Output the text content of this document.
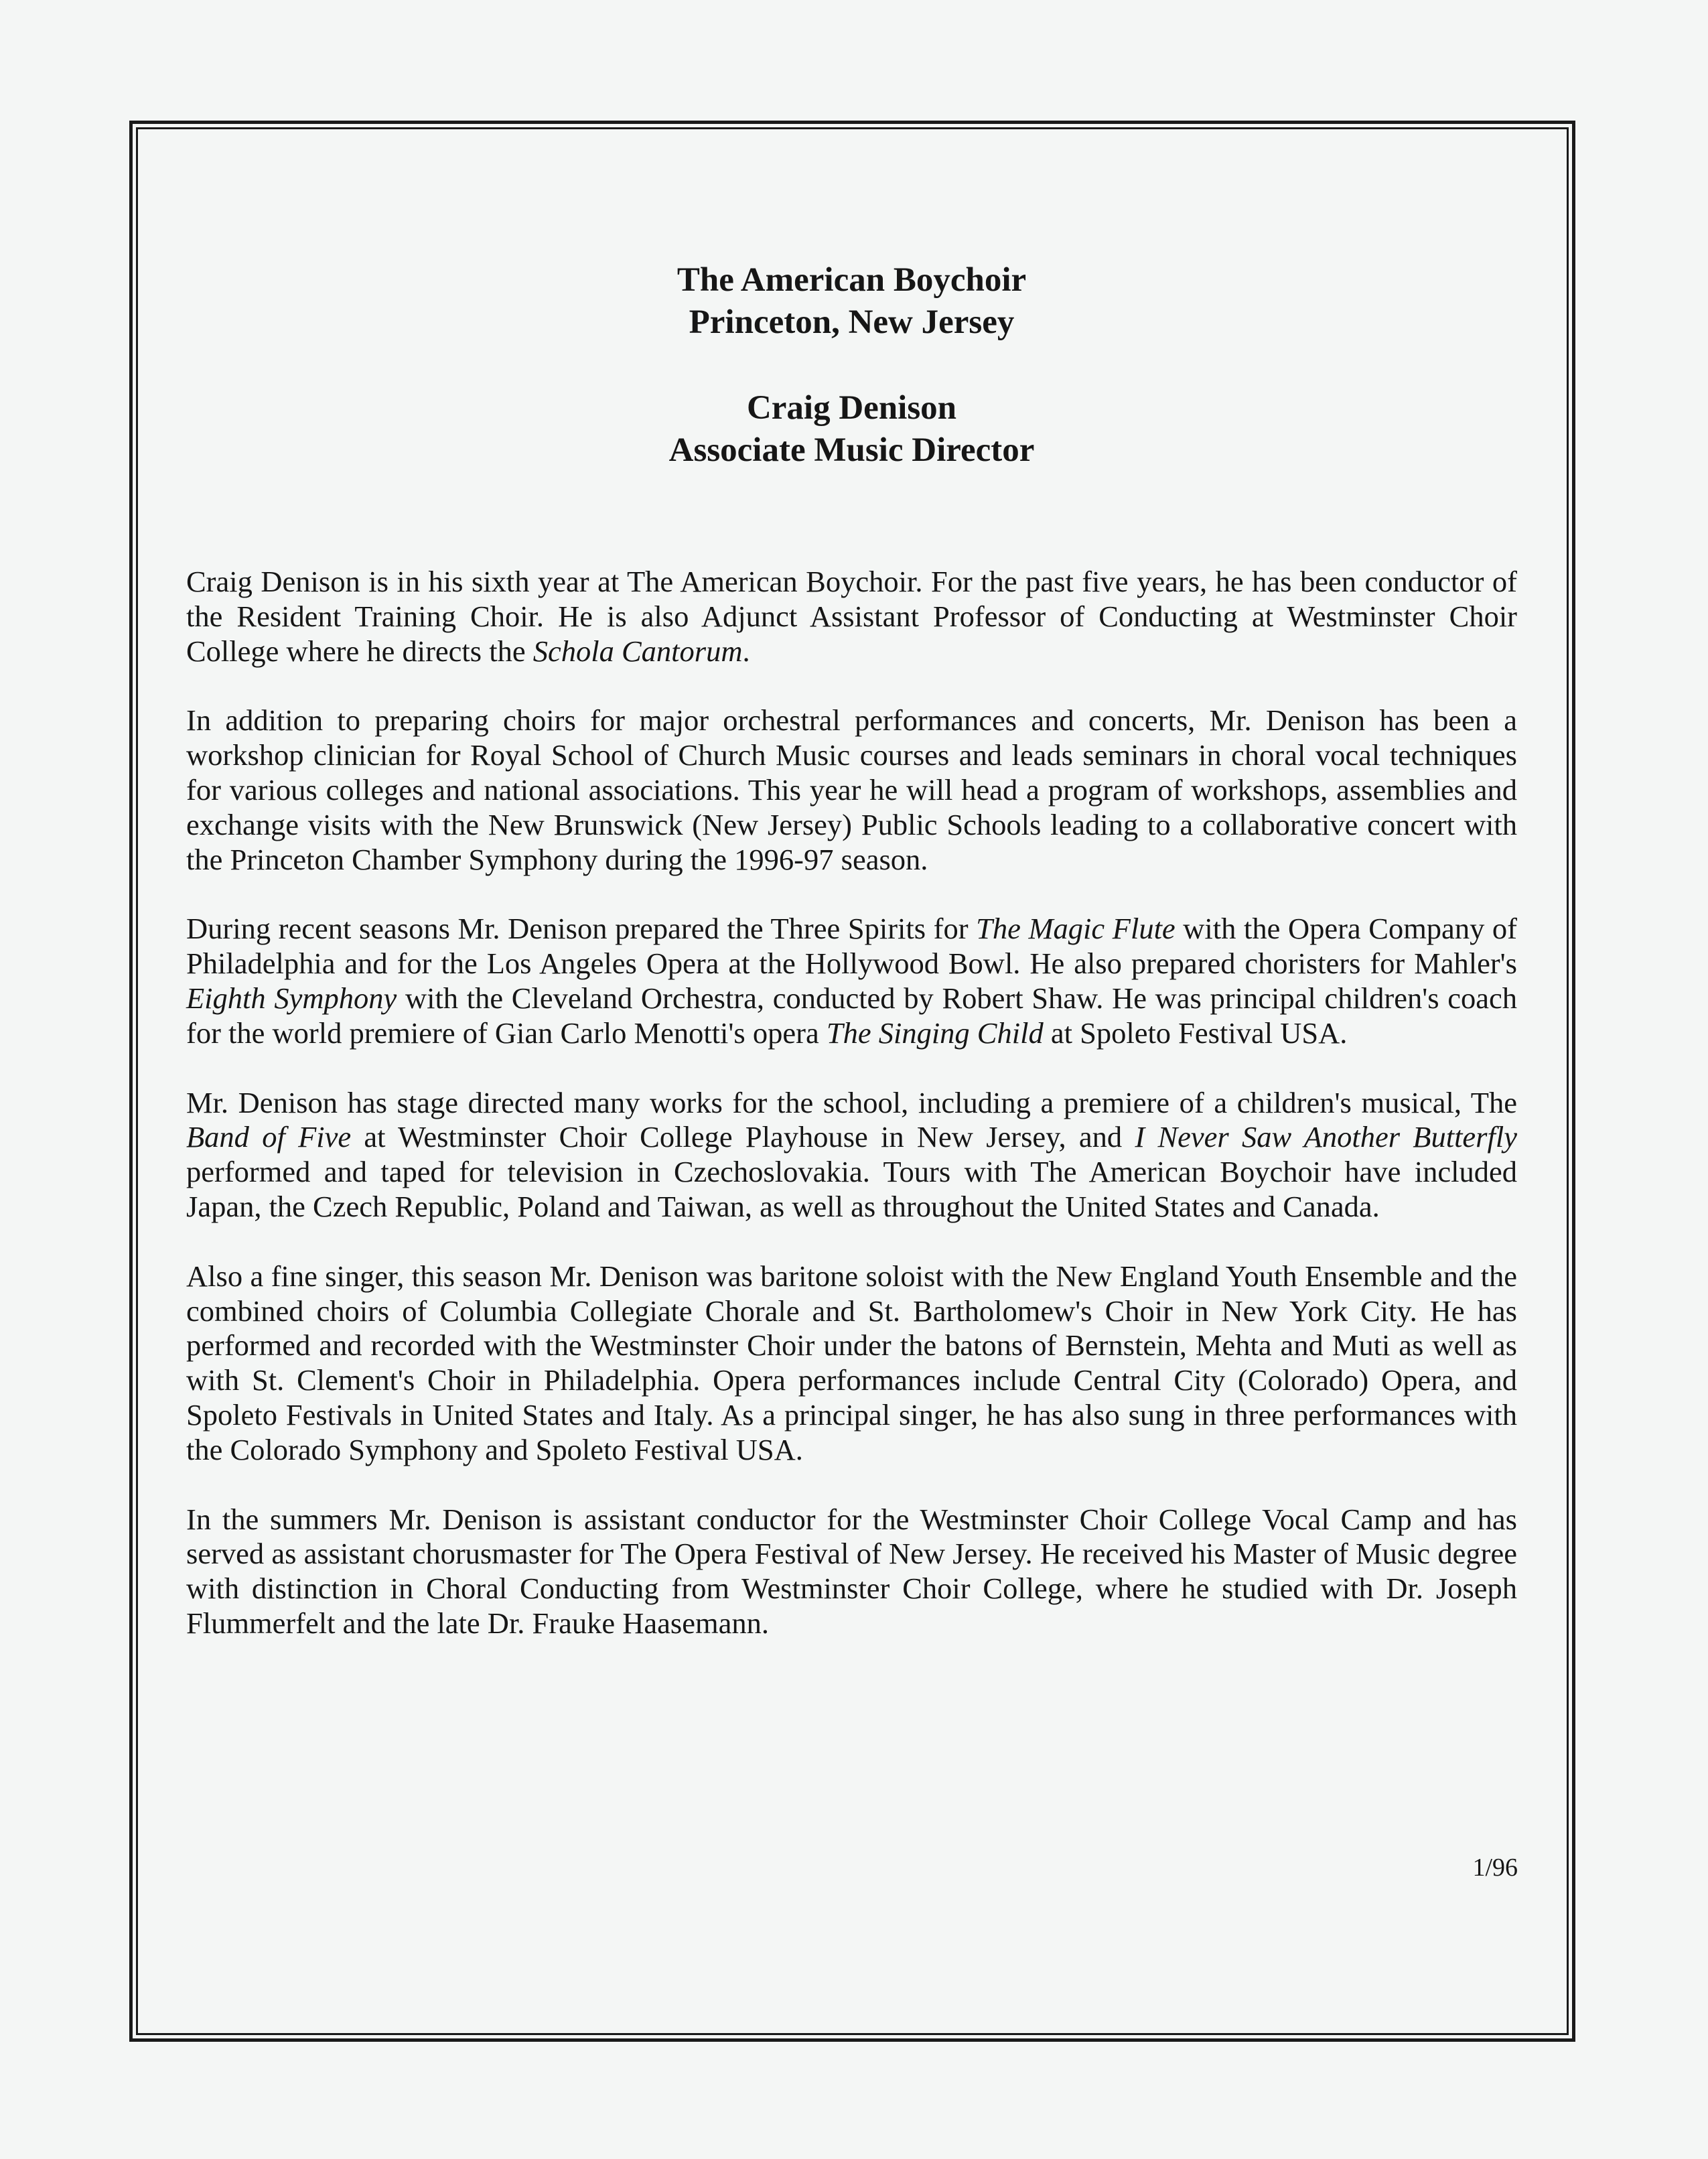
The American Boychoir
Princeton, New Jersey
Craig Denison
Associate Music Director

Craig Denison is in his sixth year at The American Boychoir. For the past five years, he has been conductor of the Resident Training Choir. He is also Adjunct Assistant Professor of Conducting at Westminster Choir College where he directs the Schola Cantorum.

In addition to preparing choirs for major orchestral performances and concerts, Mr. Denison has been a workshop clinician for Royal School of Church Music courses and leads seminars in choral vocal techniques for various colleges and national associations. This year he will head a program of workshops, assemblies and exchange visits with the New Brunswick (New Jersey) Public Schools leading to a collaborative concert with the Princeton Chamber Symphony during the 1996-97 season.

During recent seasons Mr. Denison prepared the Three Spirits for The Magic Flute with the Opera Company of Philadelphia and for the Los Angeles Opera at the Hollywood Bowl. He also prepared choristers for Mahler's Eighth Symphony with the Cleveland Orchestra, conducted by Robert Shaw. He was principal children's coach for the world premiere of Gian Carlo Menotti's opera The Singing Child at Spoleto Festival USA.

Mr. Denison has stage directed many works for the school, including a premiere of a children's musical, The Band of Five at Westminster Choir College Playhouse in New Jersey, and I Never Saw Another Butterfly performed and taped for television in Czechoslovakia. Tours with The American Boychoir have included Japan, the Czech Republic, Poland and Taiwan, as well as throughout the United States and Canada.

Also a fine singer, this season Mr. Denison was baritone soloist with the New England Youth Ensemble and the combined choirs of Columbia Collegiate Chorale and St. Bartholomew's Choir in New York City. He has performed and recorded with the Westminster Choir under the batons of Bernstein, Mehta and Muti as well as with St. Clement's Choir in Philadelphia. Opera performances include Central City (Colorado) Opera, and Spoleto Festivals in United States and Italy. As a principal singer, he has also sung in three performances with the Colorado Symphony and Spoleto Festival USA.

In the summers Mr. Denison is assistant conductor for the Westminster Choir College Vocal Camp and has served as assistant chorusmaster for The Opera Festival of New Jersey. He received his Master of Music degree with distinction in Choral Conducting from Westminster Choir College, where he studied with Dr. Joseph Flummerfelt and the late Dr. Frauke Haasemann.

1/96
